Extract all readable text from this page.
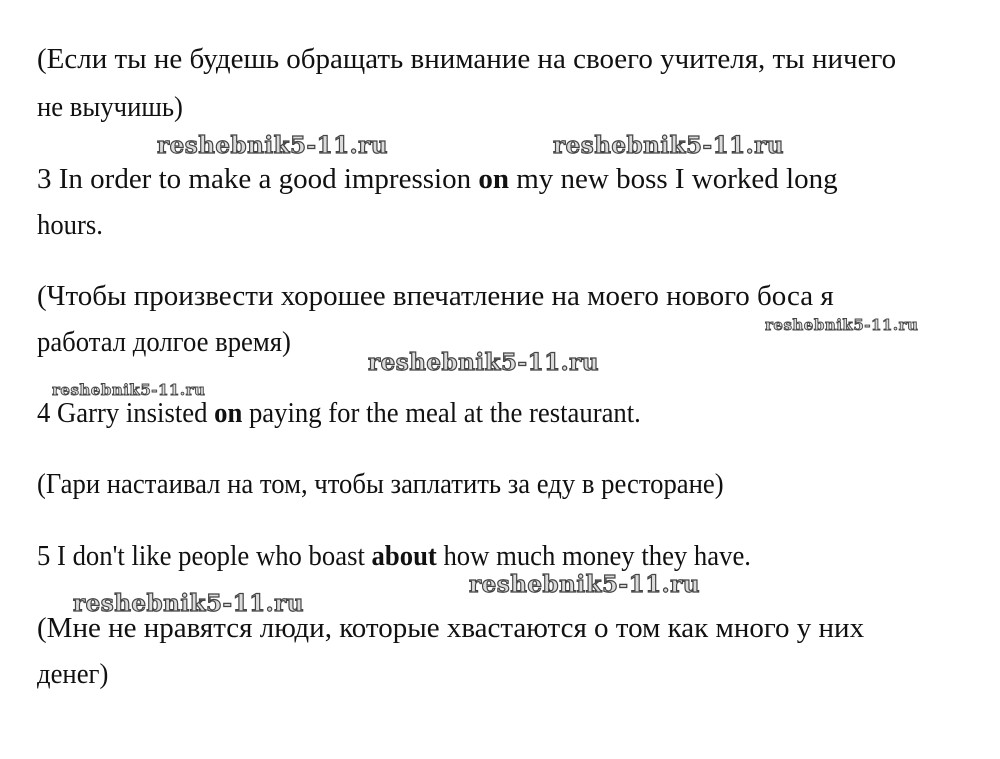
(Если ты не будешь обращать внимание на своего учителя, ты ничего
не выучишь)
reshebnik5-11.ru	reshebnik5-11.ru
3 In order to make a good impression on my new boss I worked long
hours.
(Чтобы произвести хорошее впечатление на моего нового боса я
reshebnik5-11.ru
работал долгое время)
reshebnik5-11.ru
reshebnik5-11.ru
4 Garry insisted on paying for the meal at the restaurant.
(Гари настаивал на том, чтобы заплатить за еду в ресторане)
5 I don't like people who boast about how much money they have.
reshebnik5-11.ru
reshebnik5-11.ru
(Мне не нравятся люди, которые хвастаются о том как много у них
денег)
